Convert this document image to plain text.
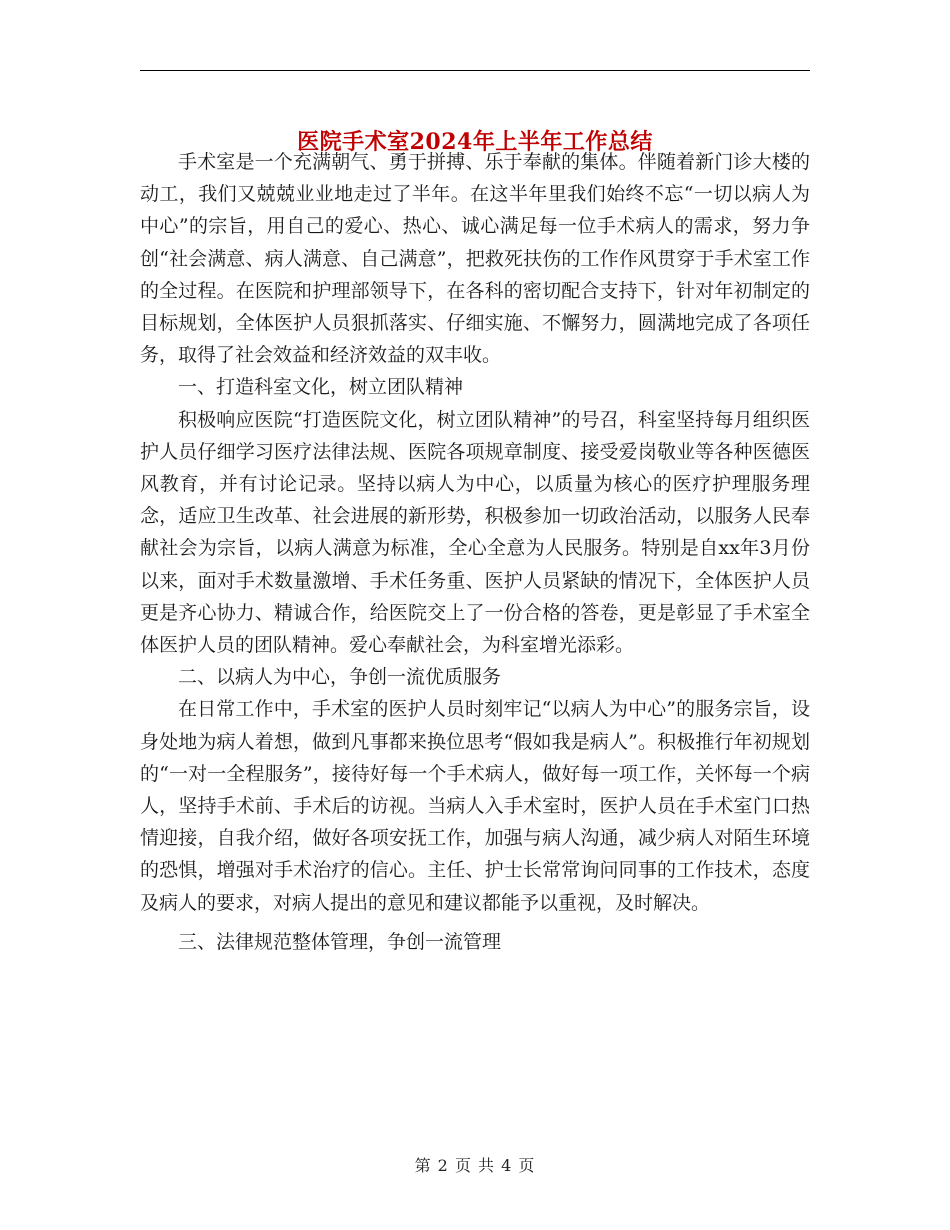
医院手术室2024年上半年工作总结

手术室是一个充满朝气、勇于拼搏、乐于奉献的集体。伴随着新门诊大楼的动工，我们又兢兢业业地走过了半年。在这半年里我们始终不忘“一切以病人为中心”的宗旨，用自己的爱心、热心、诚心满足每一位手术病人的需求，努力争创“社会满意、病人满意、自己满意”，把救死扶伤的工作作风贯穿于手术室工作的全过程。在医院和护理部领导下，在各科的密切配合支持下，针对年初制定的目标规划，全体医护人员狠抓落实、仔细实施、不懈努力，圆满地完成了各项任务，取得了社会效益和经济效益的双丰收。

一、打造科室文化，树立团队精神

积极响应医院“打造医院文化，树立团队精神”的号召，科室坚持每月组织医护人员仔细学习医疗法律法规、医院各项规章制度、接受爱岗敬业等各种医德医风教育，并有讨论记录。坚持以病人为中心，以质量为核心的医疗护理服务理念，适应卫生改革、社会进展的新形势，积极参加一切政治活动，以服务人民奉献社会为宗旨，以病人满意为标准，全心全意为人民服务。特别是自xx年3月份以来，面对手术数量激增、手术任务重、医护人员紧缺的情况下，全体医护人员更是齐心协力、精诚合作，给医院交上了一份合格的答卷，更是彰显了手术室全体医护人员的团队精神。爱心奉献社会，为科室增光添彩。

二、以病人为中心，争创一流优质服务

在日常工作中，手术室的医护人员时刻牢记“以病人为中心”的服务宗旨，设身处地为病人着想，做到凡事都来换位思考“假如我是病人”。积极推行年初规划的“一对一全程服务”，接待好每一个手术病人，做好每一项工作，关怀每一个病人，坚持手术前、手术后的访视。当病人入手术室时，医护人员在手术室门口热情迎接，自我介绍，做好各项安抚工作，加强与病人沟通，减少病人对陌生环境的恐惧，增强对手术治疗的信心。主任、护士长常常询问同事的工作技术，态度及病人的要求，对病人提出的意见和建议都能予以重视，及时解决。

三、法律规范整体管理，争创一流管理

第 2 页 共 4 页
